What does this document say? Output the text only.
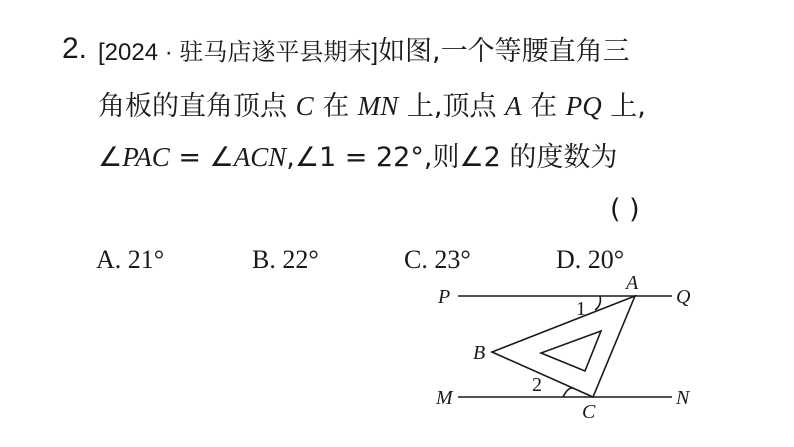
2. [2024 · 驻马店遂平县期末]如图,一个等腰直角三
角板的直角顶点 C 在 MN 上,顶点 A 在 PQ 上,
∠PAC = ∠ACN,∠1 = 22°,则∠2 的度数为
( )
A. 21°	B. 22°	C. 23°	D. 20°
P	Q
M	N
A
B
C
1
2
